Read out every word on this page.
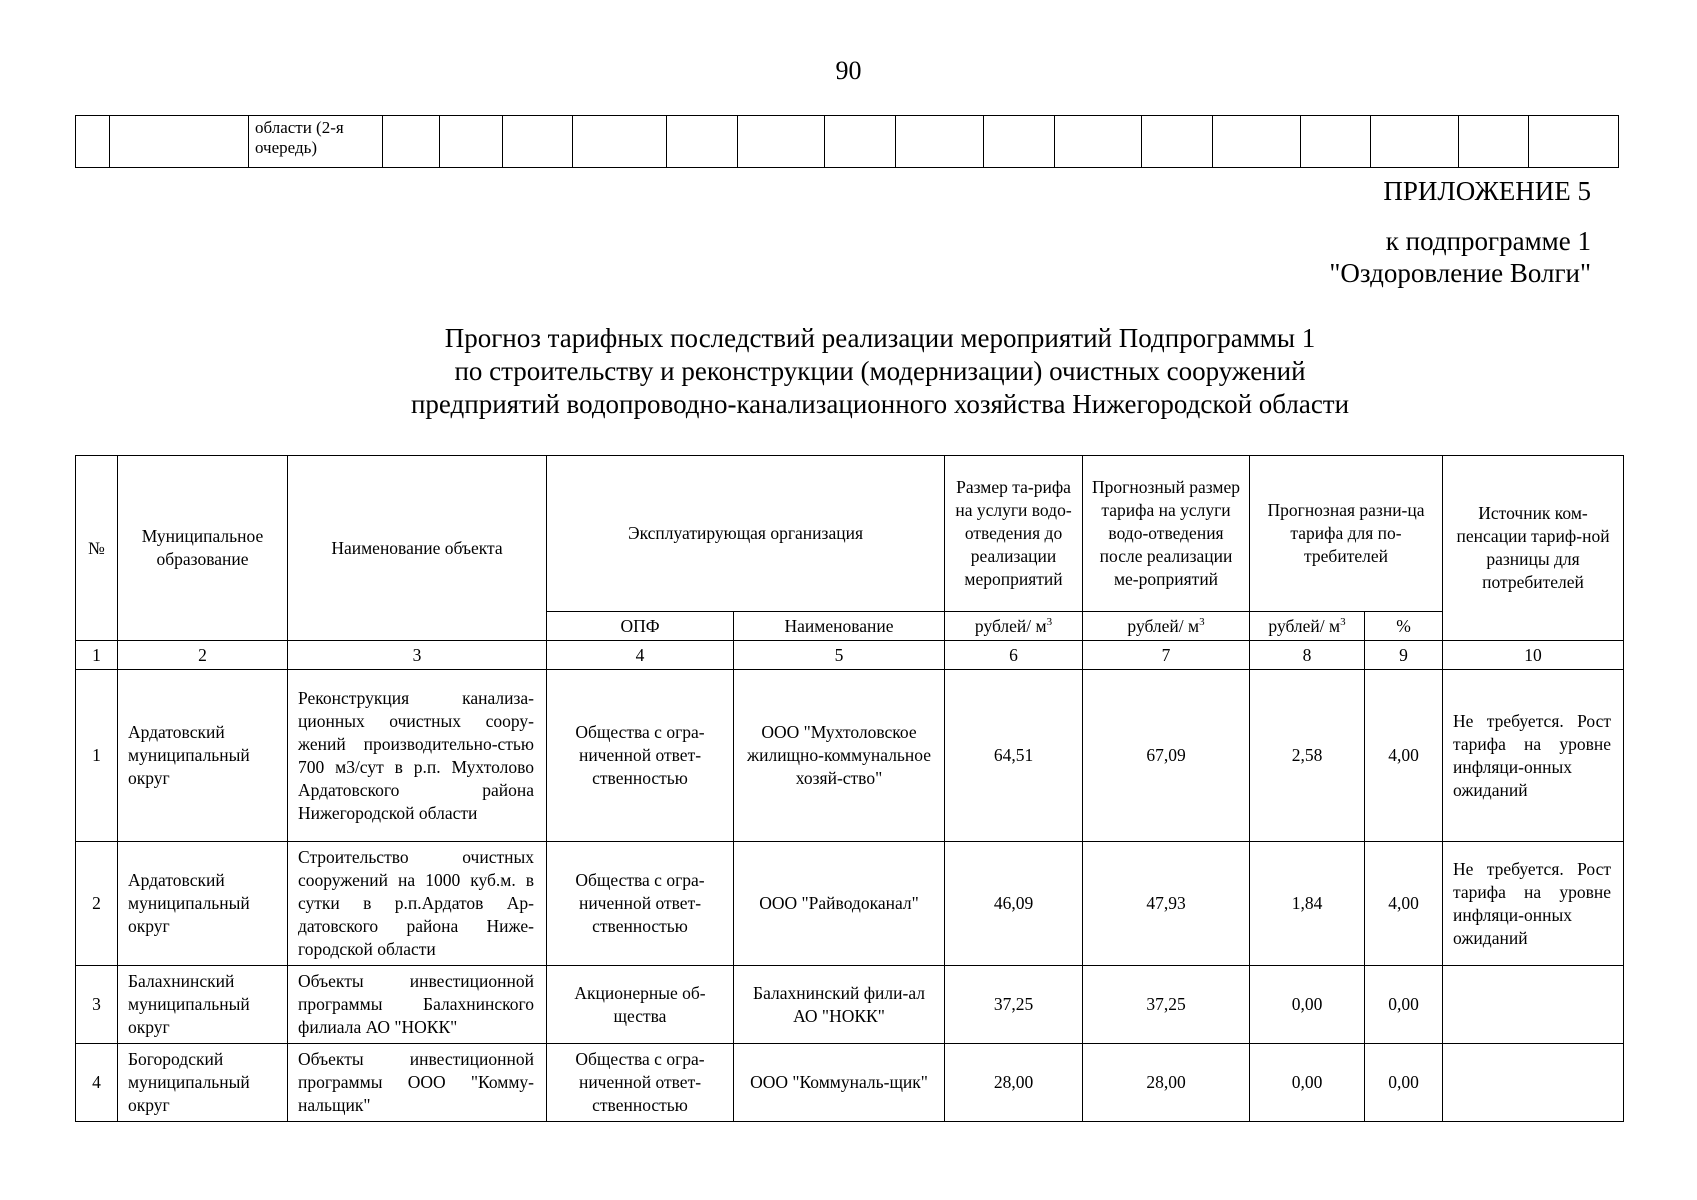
90
		области (2-я очередь)																
ПРИЛОЖЕНИЕ 5
к подпрограмме 1
"Оздоровление Волги"
Прогноз тарифных последствий реализации мероприятий Подпрограммы 1
по строительству и реконструкции (модернизации) очистных сооружений
предприятий водопроводно-канализационного хозяйства Нижегородской области
№	Муниципальное образование	Наименование объекта	Эксплуатирующая организация		Размер та-рифа на услуги водо-отведения до реализации мероприятий	Прогнозный размер тарифа на услуги водо-отведения после реализации ме-роприятий	Прогнозная разни-ца тарифа для по-требителей		Источник ком-пенсации тариф-ной разницы для потребителей
			ОПФ	Наименование	рублей/ $м^3$	рублей/ $м^3$	рублей/ $м^3$	%	
1	2	3	4	5	6	7	8	9	10
1	Ардатовский муниципальный округ	Реконструкция канализа-ционных очистных соору-жений производительно-стью 700 м3/сут в р.п. Мухтолово Ардатовского района Нижегородской области	Общества с огра-ниченной ответ-ственностью	ООО "Мухтоловское жилищно-коммунальное хозяй-ство"	64,51	67,09	2,58	4,00	Не требуется. Рост тарифа на уровне инфляци-онных ожиданий
2	Ардатовский муниципальный округ	Строительство очистных сооружений на 1000 куб.м. в сутки в р.п.Ардатов Ар-датовского района Ниже-городской области	Общества с огра-ниченной ответ-ственностью	ООО "Райводоканал"	46,09	47,93	1,84	4,00	Не требуется. Рост тарифа на уровне инфляци-онных ожиданий
3	Балахнинский муниципальный округ	Объекты инвестиционной программы Балахнинского филиала АО "НОКК"	Акционерные об-щества	Балахнинский фили-ал АО "НОКК"	37,25	37,25	0,00	0,00	
4	Богородский муниципальный округ	Объекты инвестиционной программы ООО "Комму-нальщик"	Общества с огра-ниченной ответ-ственностью	ООО "Коммуналь-щик"	28,00	28,00	0,00	0,00	
